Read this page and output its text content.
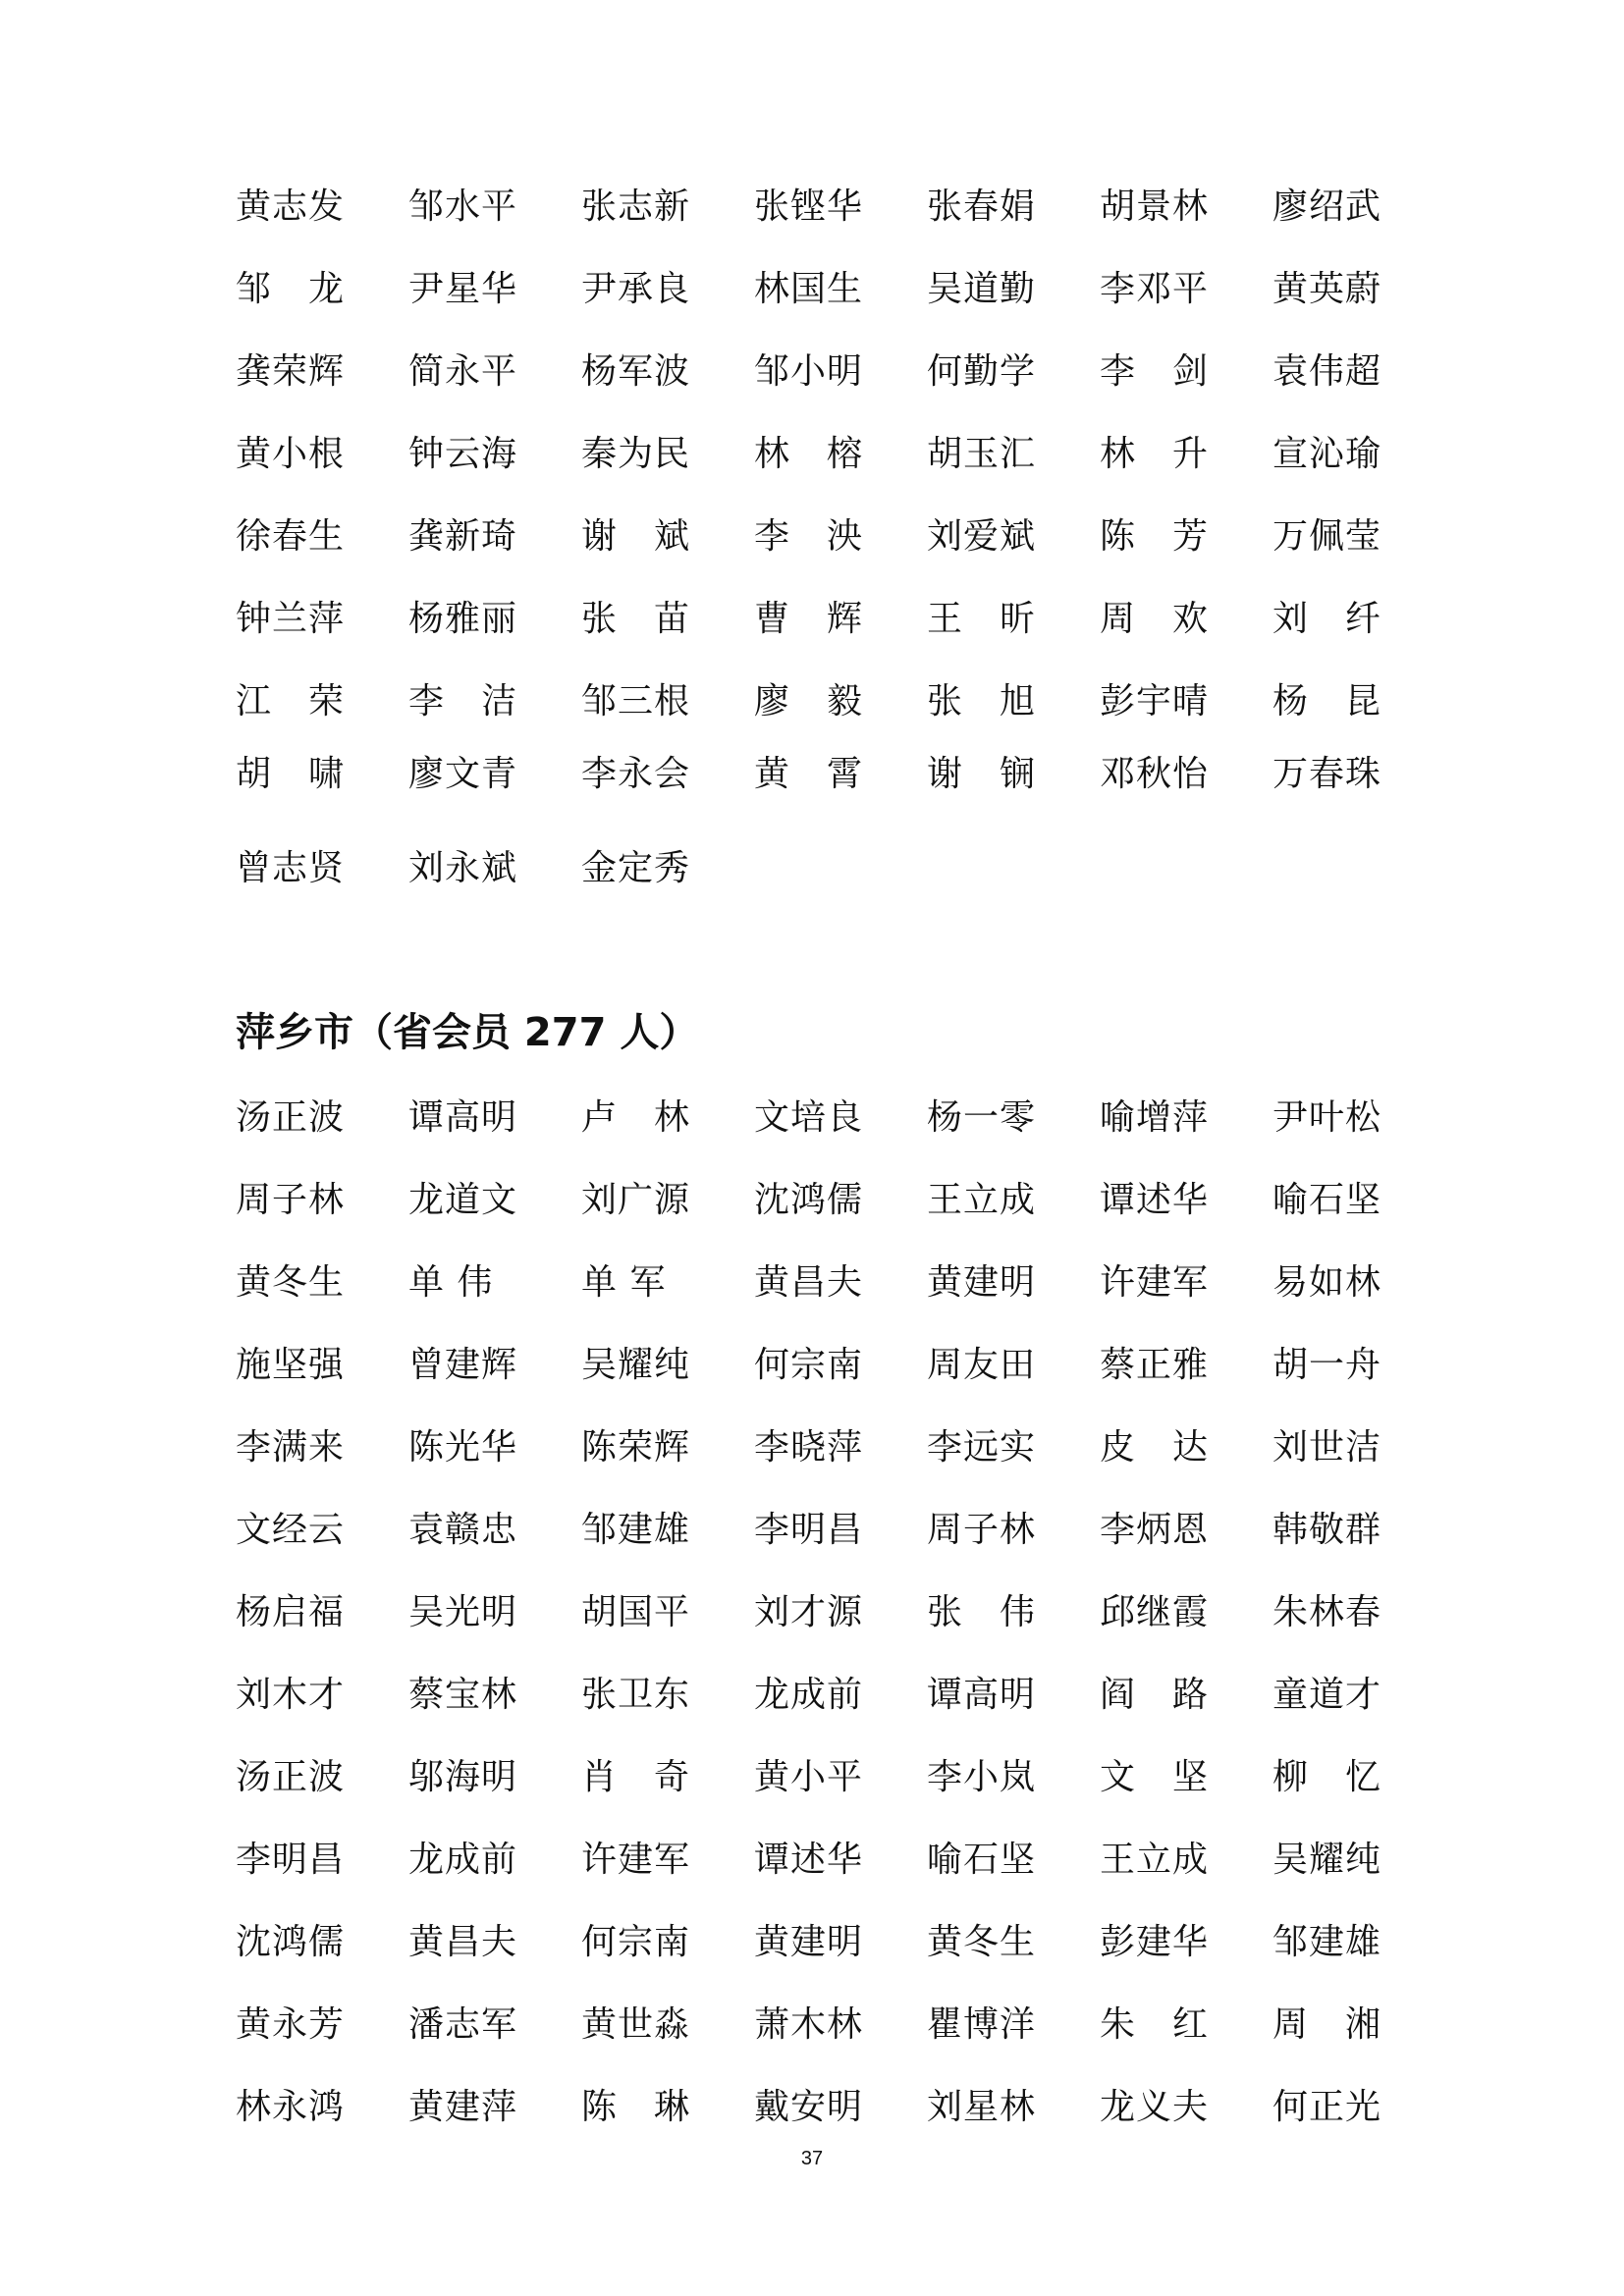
黄志发	邹水平	张志新	张铿华	张春娟	胡景林	廖绍武
邹　龙	尹星华	尹承良	林国生	吴道勤	李邓平	黄英蔚
龚荣辉	简永平	杨军波	邹小明	何勤学	李　剑	袁伟超
黄小根	钟云海	秦为民	林　榕	胡玉汇	林　升	宣沁瑜
徐春生	龚新琦	谢　斌	李　泱	刘爱斌	陈　芳	万佩莹
钟兰萍	杨雅丽	张　苗	曹　辉	王　昕	周　欢	刘　纤
江　荣	李　洁	邹三根	廖　毅	张　旭	彭宇晴	杨　昆
胡　啸	廖文青	李永会	黄　霄	谢　锎	邓秋怡	万春珠
曾志贤	刘永斌	金定秀
萍乡市（省会员 277 人）
汤正波	谭高明	卢　林	文培良	杨一零	喻增萍	尹叶松
周子林	龙道文	刘广源	沈鸿儒	王立成	谭述华	喻石坚
黄冬生	单 伟	单 军	黄昌夫	黄建明	许建军	易如林
施坚强	曾建辉	吴耀纯	何宗南	周友田	蔡正雅	胡一舟
李满来	陈光华	陈荣辉	李晓萍	李远实	皮　达	刘世洁
文经云	袁赣忠	邹建雄	李明昌	周子林	李炳恩	韩敬群
杨启福	吴光明	胡国平	刘才源	张　伟	邱继霞	朱林春
刘木才	蔡宝林	张卫东	龙成前	谭高明	阎　路	童道才
汤正波	邬海明	肖　奇	黄小平	李小岚	文　坚	柳　忆
李明昌	龙成前	许建军	谭述华	喻石坚	王立成	吴耀纯
沈鸿儒	黄昌夫	何宗南	黄建明	黄冬生	彭建华	邹建雄
黄永芳	潘志军	黄世淼	萧木林	瞿博洋	朱　红	周　湘
林永鸿	黄建萍	陈　琳	戴安明	刘星林	龙义夫	何正光
37
